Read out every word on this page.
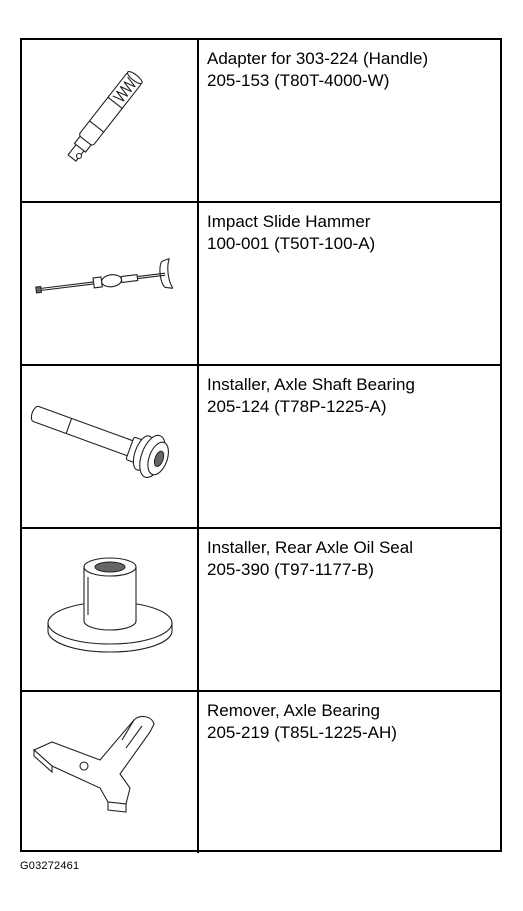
Adapter for 303-224 (Handle)
205-153 (T80T-4000-W)
Impact Slide Hammer
100-001 (T50T-100-A)
Installer, Axle Shaft Bearing
205-124 (T78P-1225-A)
Installer, Rear Axle Oil Seal
205-390 (T97-1177-B)
Remover, Axle Bearing
205-219 (T85L-1225-AH)
G03272461
